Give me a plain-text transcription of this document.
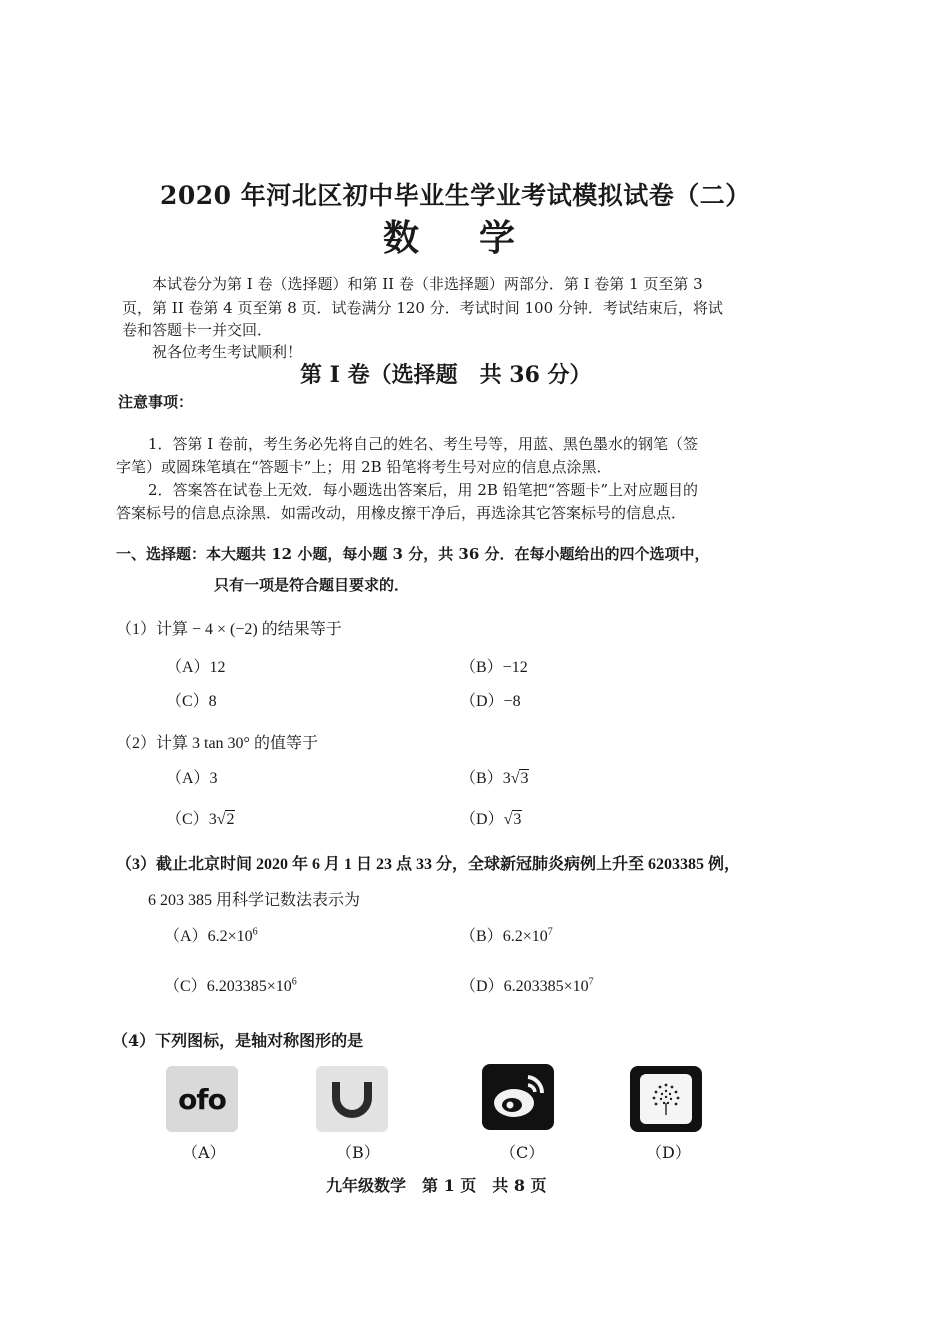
2020 年河北区初中毕业生学业考试模拟试卷（二）
数学
本试卷分为第 I 卷（选择题）和第 II 卷（非选择题）两部分．第 I 卷第 1 页至第 3
页，第 II 卷第 4 页至第 8 页．试卷满分 120 分．考试时间 100 分钟．考试结束后，将试
卷和答题卡一并交回．
祝各位考生考试顺利！
第 I 卷（选择题　共 36 分）
注意事项：
1．答第 I 卷前，考生务必先将自己的姓名、考生号等，用蓝、黑色墨水的钢笔（签
字笔）或圆珠笔填在“答题卡”上；用 2B 铅笔将考生号对应的信息点涂黑．
2．答案答在试卷上无效．每小题选出答案后，用 2B 铅笔把“答题卡”上对应题目的
答案标号的信息点涂黑．如需改动，用橡皮擦干净后，再选涂其它答案标号的信息点．
一、选择题：本大题共 12 小题，每小题 3 分，共 36 分．在每小题给出的四个选项中，
只有一项是符合题目要求的．
（1）计算 − 4 × (−2) 的结果等于
（A）12	（B）−12
（C）8	（D）−8
（2）计算 3 tan 30° 的值等于
（A）3	（B）3√3
（C）3√2	（D）√3
（3）截止北京时间 2020 年 6 月 1 日 23 点 33 分，全球新冠肺炎病例上升至 6203385 例，
6 203 385 用科学记数法表示为
$(A)6.2\times 10^6$	$(B)6.2\times 10^7$
$(C)6.203385\times 10^6$	$(D)6.203385\times 10^7$
（4）下列图标，是轴对称图形的是
ofo
（A）	（B）	（C）	（D）
九年级数学　第 1 页　共 8 页
